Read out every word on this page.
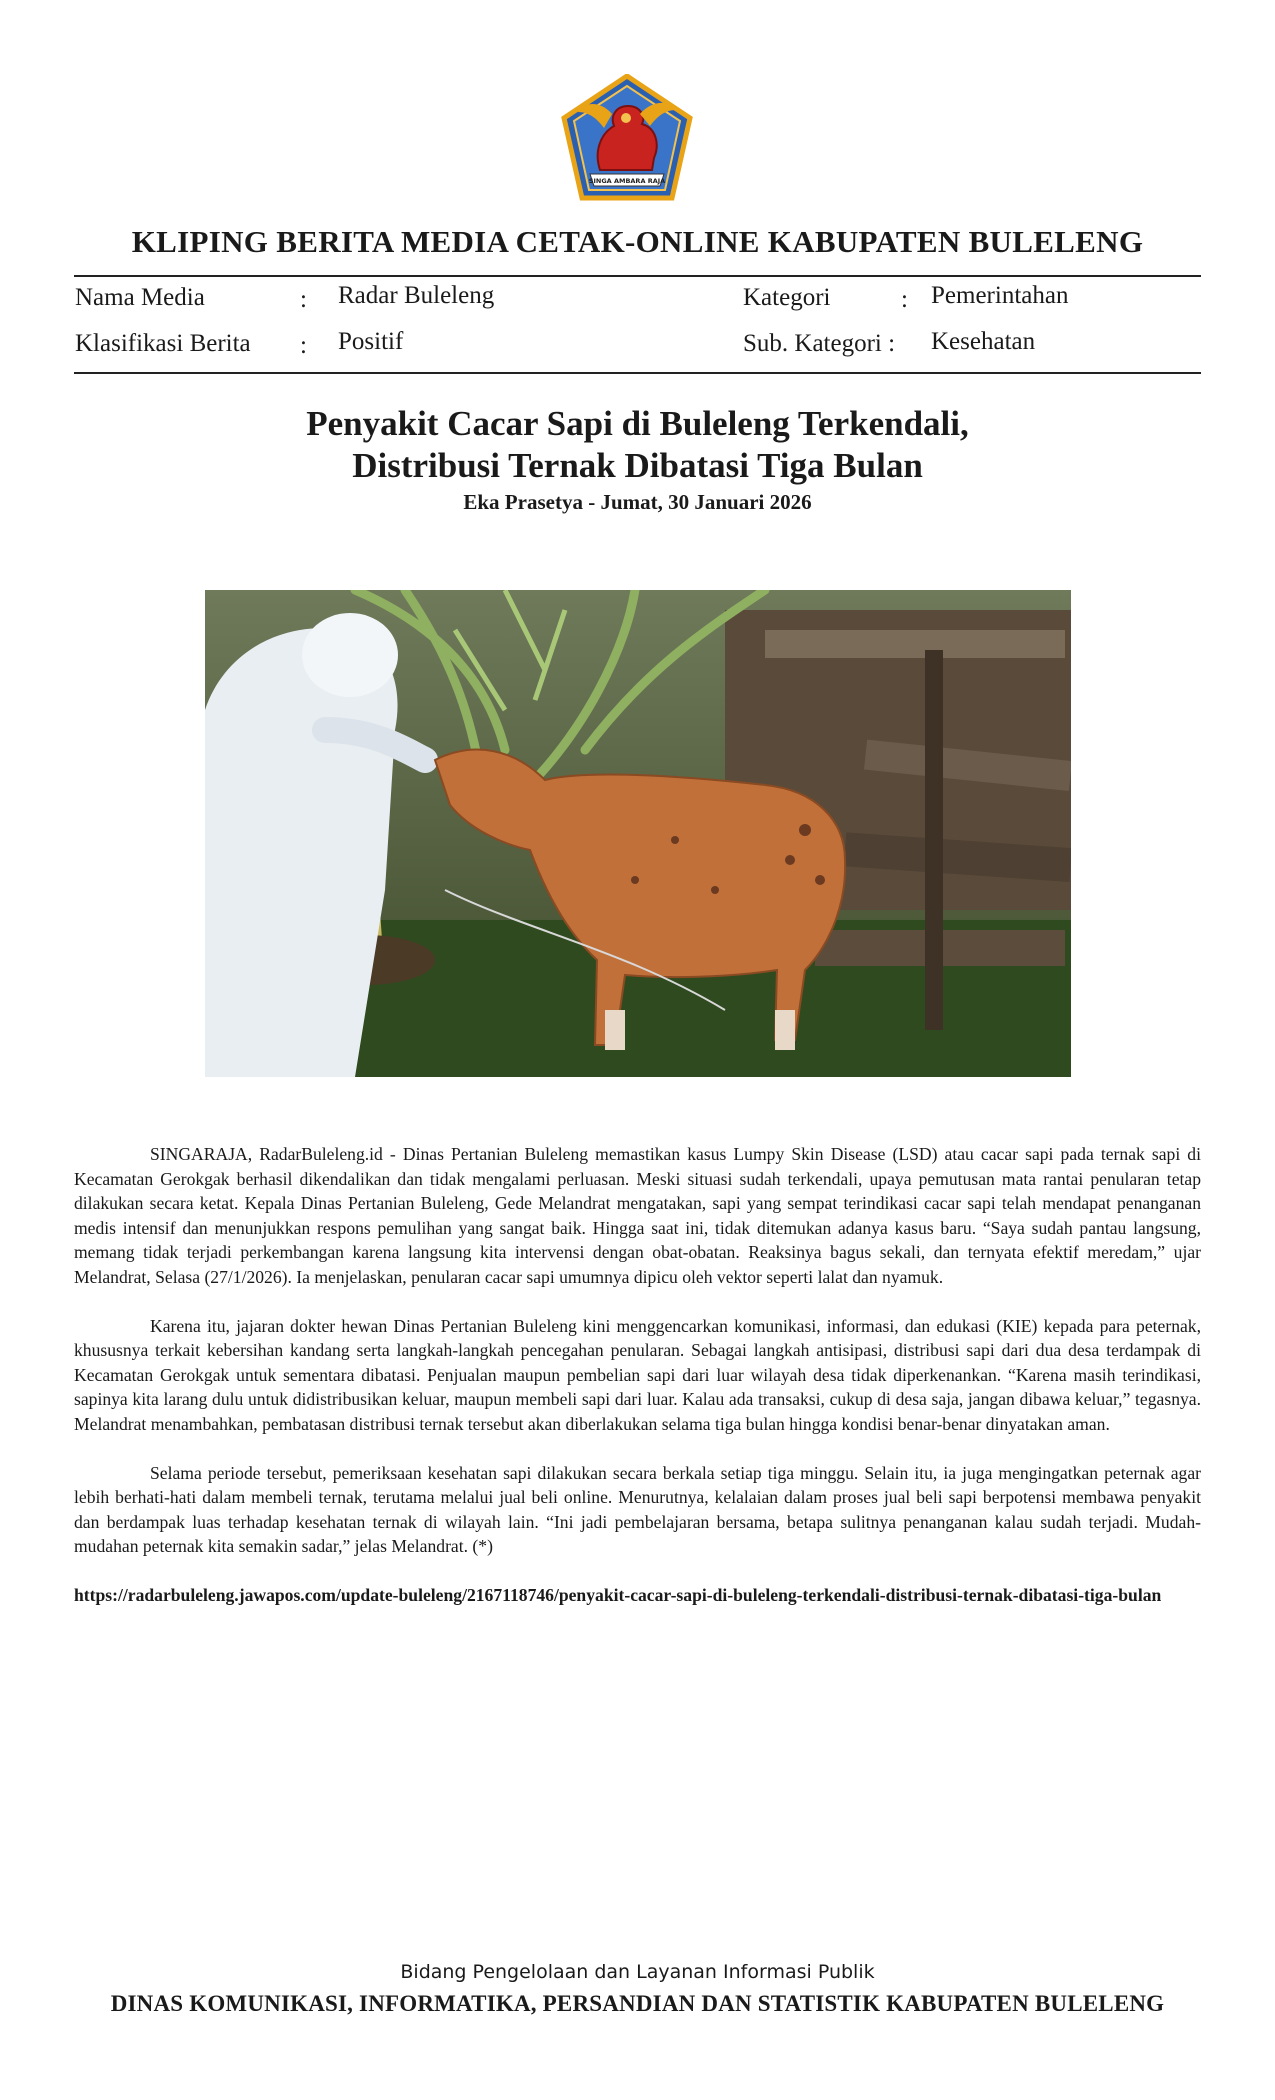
SINGA AMBARA RAJA
KLIPING BERITA MEDIA CETAK-ONLINE KABUPATEN BULELENG
Nama Media	: Radar Buleleng	Kategori	: Pemerintahan
Klasifikasi Berita : Positif	Sub. Kategori : Kesehatan
Penyakit Cacar Sapi di Buleleng Terkendali,
Distribusi Ternak Dibatasi Tiga Bulan
Eka Prasetya - Jumat, 30 Januari 2026

SINGARAJA, RadarBuleleng.id - Dinas Pertanian Buleleng memastikan kasus Lumpy Skin Disease (LSD) atau cacar sapi pada ternak sapi di Kecamatan Gerokgak berhasil dikendalikan dan tidak mengalami perluasan. Meski situasi sudah terkendali, upaya pemutusan mata rantai penularan tetap dilakukan secara ketat. Kepala Dinas Pertanian Buleleng, Gede Melandrat mengatakan, sapi yang sempat terindikasi cacar sapi telah mendapat penanganan medis intensif dan menunjukkan respons pemulihan yang sangat baik. Hingga saat ini, tidak ditemukan adanya kasus baru. “Saya sudah pantau langsung, memang tidak terjadi perkembangan karena langsung kita intervensi dengan obat-obatan. Reaksinya bagus sekali, dan ternyata efektif meredam,” ujar Melandrat, Selasa (27/1/2026). Ia menjelaskan, penularan cacar sapi umumnya dipicu oleh vektor seperti lalat dan nyamuk.

Karena itu, jajaran dokter hewan Dinas Pertanian Buleleng kini menggencarkan komunikasi, informasi, dan edukasi (KIE) kepada para peternak, khususnya terkait kebersihan kandang serta langkah-langkah pencegahan penularan. Sebagai langkah antisipasi, distribusi sapi dari dua desa terdampak di Kecamatan Gerokgak untuk sementara dibatasi. Penjualan maupun pembelian sapi dari luar wilayah desa tidak diperkenankan. “Karena masih terindikasi, sapinya kita larang dulu untuk didistribusikan keluar, maupun membeli sapi dari luar. Kalau ada transaksi, cukup di desa saja, jangan dibawa keluar,” tegasnya. Melandrat menambahkan, pembatasan distribusi ternak tersebut akan diberlakukan selama tiga bulan hingga kondisi benar-benar dinyatakan aman.

Selama periode tersebut, pemeriksaan kesehatan sapi dilakukan secara berkala setiap tiga minggu. Selain itu, ia juga mengingatkan peternak agar lebih berhati-hati dalam membeli ternak, terutama melalui jual beli online. Menurutnya, kelalaian dalam proses jual beli sapi berpotensi membawa penyakit dan berdampak luas terhadap kesehatan ternak di wilayah lain. “Ini jadi pembelajaran bersama, betapa sulitnya penanganan kalau sudah terjadi. Mudah-mudahan peternak kita semakin sadar,” jelas Melandrat. (*)

https://radarbuleleng.jawapos.com/update-buleleng/2167118746/penyakit-cacar-sapi-di-buleleng-terkendali-distribusi-ternak-dibatasi-tiga-bulan

Bidang Pengelolaan dan Layanan Informasi Publik
DINAS KOMUNIKASI, INFORMATIKA, PERSANDIAN DAN STATISTIK KABUPATEN BULELENG
